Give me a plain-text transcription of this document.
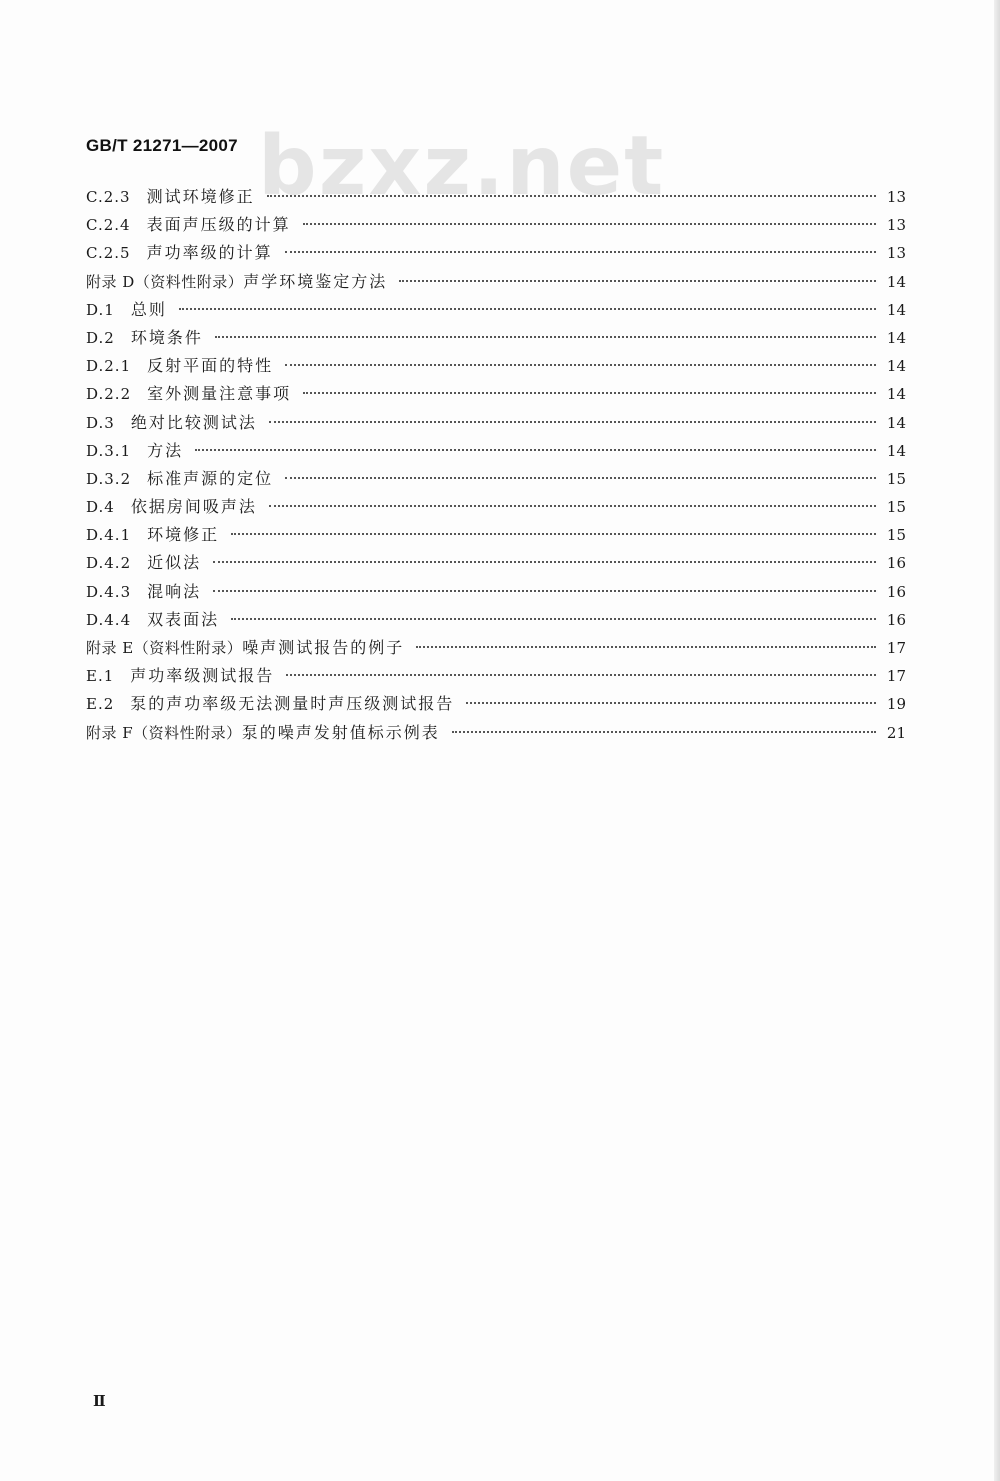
GB/T 21271—2007 bzxz.net
C.2.3 测试环境修正	13
C.2.4 表面声压级的计算	13
C.2.5 声功率级的计算	13
附录 D（资料性附录） 声学环境鉴定方法	14
D.1 总则	14
D.2 环境条件	14
D.2.1 反射平面的特性	14
D.2.2 室外测量注意事项	14
D.3 绝对比较测试法	14
D.3.1 方法	14
D.3.2 标准声源的定位	15
D.4 依据房间吸声法	15
D.4.1 环境修正	15
D.4.2 近似法	16
D.4.3 混响法	16
D.4.4 双表面法	16
附录 E（资料性附录） 噪声测试报告的例子	17
E.1 声功率级测试报告	17
E.2 泵的声功率级无法测量时声压级测试报告	19
附录 F（资料性附录） 泵的噪声发射值标示例表	21
Ⅱ
